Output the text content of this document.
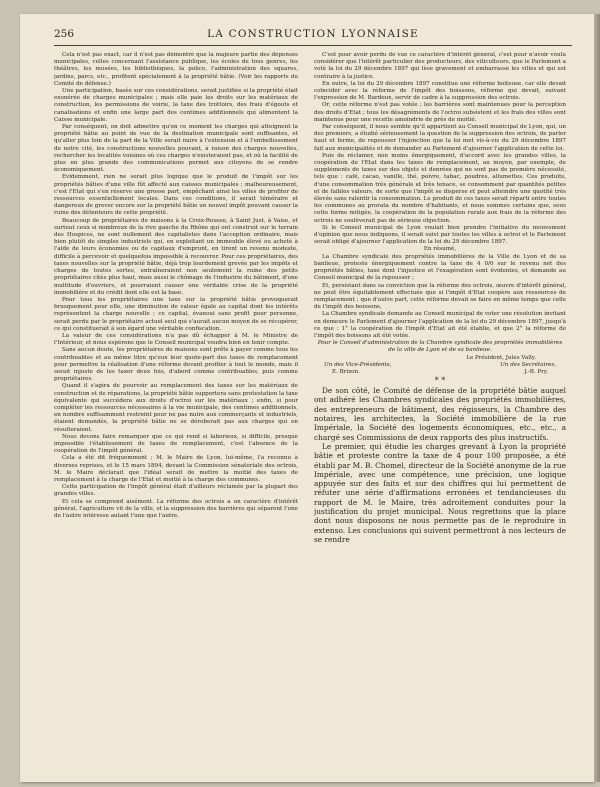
256	LA CONSTRUCTION LYONNAISE

Cela n'est pas exact, car il n'est pas démontré que la majeure partie des dépenses municipales, celles concernant l'assistance publique, les écoles de tous genres, les théâtres, les musées, les bibliothèques, la police, l'administration des squares, jardins, parcs, etc., profitent spécialement à la propriété bâtie. (Voir les rapports du Comité de défense.)

Une participation, basée sur ces considérations, serait justifiée si la propriété était exonérée de charges municipales ; mais elle paie les droits sur les matériaux de construction, les permissions de voirie, la taxe des trottoirs, des frais d'égouts et canalisations et enfin une large part des centimes additionnels qui alimentent la Caisse municipale.

Par conséquent, on doit admettre qu'en ce moment les charges qui atteignent la propriété bâtie au point de vue de la destination municipale sont suffisantes, et qu'aller plus loin de la part de la Ville serait nuire à l'extension et à l'embellissement de notre cité, les constructions nouvelles pouvant, à raison des charges nouvelles, rechercher les localités voisines où ces charges n'existeraient pas, et où la facilité de plus en plus grande des communications permet aux citoyens de se rendre économiquement.

Evidemment, rien ne serait plus logique que le produit de l'impôt sur les propriétés bâties d'une ville fût affecté aux caisses municipales ; malheureusement, c'est l'Etat qui s'en réserve une grosse part, empêchant ainsi les villes de profiter de ressources essentiellement locales. Dans ces conditions, il serait téméraire et dangereux de grever encore sur la propriété bâtie un nouvel impôt pouvant causer la ruine des détenteurs de cette propriété.

Beaucoup de propriétaires de maisons à la Croix-Rousse, à Saint Just, à Vaise, et surtout ceux si nombreux de la rive gauche du Rhône qui ont construit sur le terrain des Hospices, ne sont nullement des capitalistes dans l'acception ordinaire, mais bien plutôt de simples industriels qui, en exploitant un immeuble élevé ou acheté à l'aide de leurs économies ou de capitaux d'emprunt, en tirent un revenu modeste, difficile à percevoir et quelquefois impossible à recouvrer. Pour ces propriétaires, des taxes nouvelles sur la propriété bâtie, déjà trop lourdement grevée par les impôts et charges de toutes sortes, entraîneraient non seulement la ruine des petits propriétaires cités plus haut, mais aussi le chômage de l'industrie du bâtiment, d'une multitude d'ouvriers, et pourraient causer une véritable crise de la propriété immobilière et du crédit dont elle est la base.

Pour tous les propriétaires une taxe sur la propriété bâtie provoquerait brusquement pour elle, une diminution de valeur égale au capital dont les intérêts représentent la charge nouvelle ; ce capital, évanoui sans profit pour personne, serait perdu par le propriétaire actuel seul qui s'aurait aucun moyen de se récupérer, ce qui constituerait à son égard une véritable confiscation.

La valeur de ces considérations n'a pas dû échapper à M. le Ministre de l'Intérieur, et nous espérons que le Conseil municipal voudra bien en tenir compte.

Sans aucun doute, les propriétaires de maisons sont prêts à payer comme tous les contribuables et au même titre qu'eux leur quote-part des taxes de remplacement pour permettre la réalisation d'une réforme devant profiter à tout le monde, mais il serait injuste de les taxer deux fois, d'abord comme contribuables, puis comme propriétaires.

Quand il s'agira de pourvoir au remplacement des taxes sur les matériaux de construction et de réparations, la propriété bâtie supportera sans protestation la taxe équivalente qui succédera aux droits d'octroi sur les matériaux ; enfin, si pour compléter les ressources nécessaires à la vie municipale, des centimes additionnels, en nombre suffisamment restreint pour ne pas nuire aux commerçants et industriels, étaient demandés, la propriété bâtie ne se déroberait pas aux charges qui en résulteraient.

Nous devons faire remarquer que ce qui rend si laborieux, si difficile, presque impossible l'établissement de taxes de remplacement, c'est l'absence de la coopération de l'impôt général.

Cela a été dit fréquemment ; M. le Maire de Lyon, lui-même, l'a reconnu à diverses reprises, et le 15 mars 1894, devant la Commission sénatoriale des octrois, M. le Maire déclarait que l'idéal serait de mettre la moitié des taxes de remplacement à la charge de l'Etat et moitié à la charge des communes.

Cette participation de l'impôt général était d'ailleurs réclamée par la plupart des grandes villes.

Et cela se comprend aisément. La réforme des octrois a un caractère d'intérêt général, l'agriculture vit de la ville, et la suppression des barrières qui séparent l'une de l'autre intéresse autant l'une que l'autre.

C'est pour avoir perdu de vue ce caractère d'intérêt général, c'est pour n'avoir voulu considérer que l'intérêt particulier des producteurs, des viticulteurs, que le Parlement a voté la loi du 29 décembre 1897 qui lèse gravement et embarrasse les villes et qui est contraire à la justice.

En outre, la loi du 29 décembre 1897 constitue une réforme boiteuse, car elle devait coïncider avec la réforme de l'impôt des boissons, réforme qui devait, suivant l'expression de M. Bardoux, servir de cadre à la suppression des octrois.

Or, cette réforme n'est pas votée ; les barrières sont maintenues pour la perception des droits d'Etat ; tous les désagréments de l'octroi subsistent et les frais des villes sont maintenus pour une recette amoindrie de près de moitié.

Par conséquent, il nous semble qu'il appartient au Conseil municipal de Lyon, qui, un des premiers, a étudié sérieusement la question de la suppression des octrois, de parler haut et ferme, de repousser l'injonction que la loi met vis-à-vis du 29 décembre 1897 fait aux municipalités et de demander au Parlement d'ajourner l'application de cette loi.

Puis de réclamer, non moins énergiquement, d'accord avec les grandes villes, la coopération de l'Etat dans les taxes de remplacement, au moyen, par exemple, de suppléments de taxes sur des objets et denrées qui ne sont pas de première nécessité, tels que : café, cacao, vanille, thé, poivre, tabac, poudres, allumettes. Ces produits, d'une consommation très générale et très tenace, se consomment par quantités petites et de faibles valeurs, de sorte que l'impôt se disperse et peut atteindre une quotité très élevée sans ralentir la consommation. Le produit de ces taxes serait réparti entre toutes les communes au prorata du nombre d'habitants, et nous sommes certains que, sous cette forme mitigée, la coopération de la population rurale aux frais de la réforme des octrois ne soulèverait pas de sérieuse objection.

Si le Conseil municipal de Lyon voulait bien prendre l'initiative du mouvement d'opinion que nous indiquons, il serait suivi par toutes les villes à octroi et le Parlement serait obligé d'ajourner l'application de la loi du 29 décembre 1897.

En résumé,

La Chambre syndicale des propriétés immobilières de la Ville de Lyon et de sa banlieue, proteste énergiquement contre la taxe de 4 0/0 sur le revenu net des propriétés bâties, taxe dont l'injustice et l'exagération sont évidentes, et demande au Conseil municipal de la repousser ;

Et, persistant dans sa conviction que la réforme des octrois, œuvre d'intérêt général, ne peut être équitablement effectuée que si l'impôt d'Etat coopère aux ressources de remplacement ; que d'autre part, cette réforme devait se faire en même temps que celle de l'impôt des boissons,

La Chambre syndicale demande au Conseil municipal de voter une résolution invitant en demeure le Parlement d'ajourner l'application de la loi du 29 décembre 1897, jusqu'à ce que : 1° la coopération de l'impôt d'Etat ait été établie, et que 2° la réforme de l'impôt des boissons ait été votée.

Pour le Conseil d'administration de la Chambre syndicale des propriétés immobilières de la ville de Lyon et de sa banlieue.

Le Président, Jules Vally.

Un des Vice-Présidents,	Un des Secrétaires,
E. Brizon.	J.-B. Pry.

* *

De son côté, le Comité de défense de la propriété bâtie auquel ont adhéré les Chambres syndicales des propriétés immobilières, des entrepreneurs de bâtiment, des régisseurs, la Chambre des notaires, les architectes, la Société immobilière de la rue Impériale, la Société des logements économiques, etc., etc., a chargé ses Commissions de deux rapports des plus instructifs.

Le premier, qui étudie les charges grevant à Lyon la propriété bâtie et proteste contre la taxe de 4 pour 100 proposée, a été établi par M. B. Chomel, directeur de la Société anonyme de la rue Impériale, avec une compétence, une précision, une logique appuyée sur des faits et sur des chiffres qui lui permettent de réfuter une série d'affirmations erronées et tendancieuses du rapport de M. le Maire, très adroitement conduites pour la justification du projet municipal. Nous regrettons que la place dont nous disposons ne nous permette pas de le reproduire in extenso. Les conclusions qui suivent permettront à nos lecteurs de se rendre
